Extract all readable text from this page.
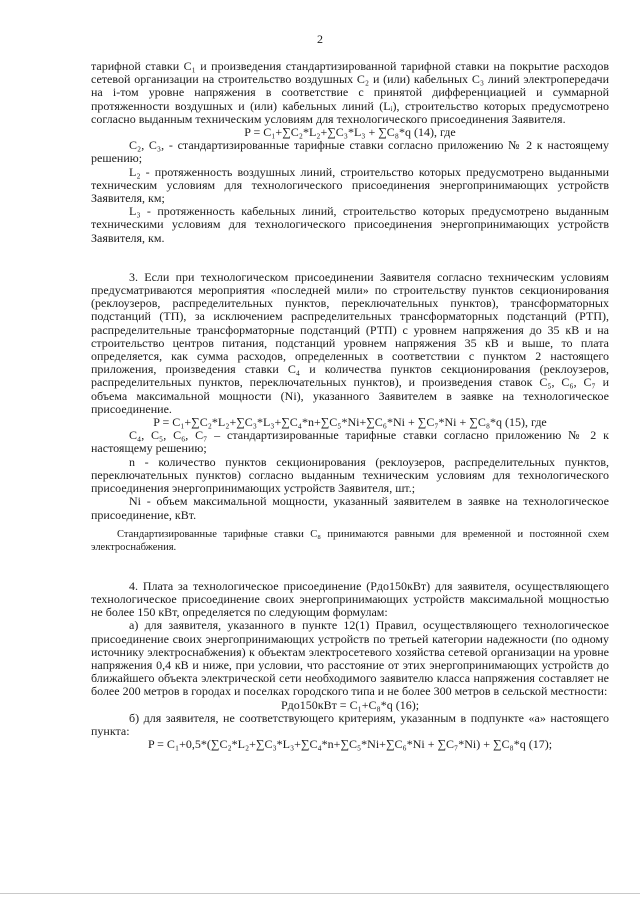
2

тарифной ставки C₁ и произведения стандартизированной тарифной ставки на покрытие расходов сетевой организации на строительство воздушных C₂ и (или) кабельных C₃ линий электропередачи на i-том уровне напряжения в соответствие с принятой дифференциацией и суммарной протяженности воздушных и (или) кабельных линий (Lᵢ), строительство которых предусмотрено согласно выданным техническим условиям для технологического присоединения Заявителя.

P = C₁+∑C₂*L₂+∑C₃*L₃ + ∑C₈*q (14), где

C₂, C₃, - стандартизированные тарифные ставки согласно приложению № 2 к настоящему решению;

L₂ - протяженность воздушных линий, строительство которых предусмотрено выданными техническим условиям для технологического присоединения энергопринимающих устройств Заявителя, км;

L₃ - протяженность кабельных линий, строительство которых предусмотрено выданным техническими условиям для технологического присоединения энергопринимающих устройств Заявителя, км.

3. Если при технологическом присоединении Заявителя согласно техническим условиям предусматриваются мероприятия «последней мили» по строительству пунктов секционирования (реклоузеров, распределительных пунктов, переключательных пунктов), трансформаторных подстанций (ТП), за исключением распределительных трансформаторных подстанций (РТП), распределительные трансформаторные подстанций (РТП) с уровнем напряжения до 35 кВ и на строительство центров питания, подстанций уровнем напряжения 35 кВ и выше, то плата определяется, как сумма расходов, определенных в соответствии с пунктом 2 настоящего приложения, произведения ставки C₄ и количества пунктов секционирования (реклоузеров, распределительных пунктов, переключательных пунктов), и произведения ставок C₅, C₆, C₇ и объема максимальной мощности (Ni), указанного Заявителем в заявке на технологическое присоединение.

P = C₁+∑C₂*L₂+∑C₃*L₃+∑C₄*n+∑C₅*Ni+∑C₆*Ni + ∑C₇*Ni + ∑C₈*q (15), где

C₄, C₅, C₆, C₇ – стандартизированные тарифные ставки согласно приложению № 2 к настоящему решению;

n - количество пунктов секционирования (реклоузеров, распределительных пунктов, переключательных пунктов) согласно выданным техническим условиям для технологического присоединения энергопринимающих устройств Заявителя, шт.;

Ni - объем максимальной мощности, указанный заявителем в заявке на технологическое присоединение, кВт.

Стандартизированные тарифные ставки C₈ принимаются равными для временной и постоянной схем электроснабжения.

4. Плата за технологическое присоединение (Pдо150кВт) для заявителя, осуществляющего технологическое присоединение своих энергопринимающих устройств максимальной мощностью не более 150 кВт, определяется по следующим формулам:

а) для заявителя, указанного в пункте 12(1) Правил, осуществляющего технологическое присоединение своих энергопринимающих устройств по третьей категории надежности (по одному источнику электроснабжения) к объектам электросетевого хозяйства сетевой организации на уровне напряжения 0,4 кВ и ниже, при условии, что расстояние от этих энергопринимающих устройств до ближайшего объекта электрической сети необходимого заявителю класса напряжения составляет не более 200 метров в городах и поселках городского типа и не более 300 метров в сельской местности:

Pдо150кВт = C₁+C₈*q (16);

б) для заявителя, не соответствующего критериям, указанным в подпункте «а» настоящего пункта:

P = C₁+0,5*(∑C₂*L₂+∑C₃*L₃+∑C₄*n+∑C₅*Ni+∑C₆*Ni + ∑C₇*Ni) + ∑C₈*q (17);
